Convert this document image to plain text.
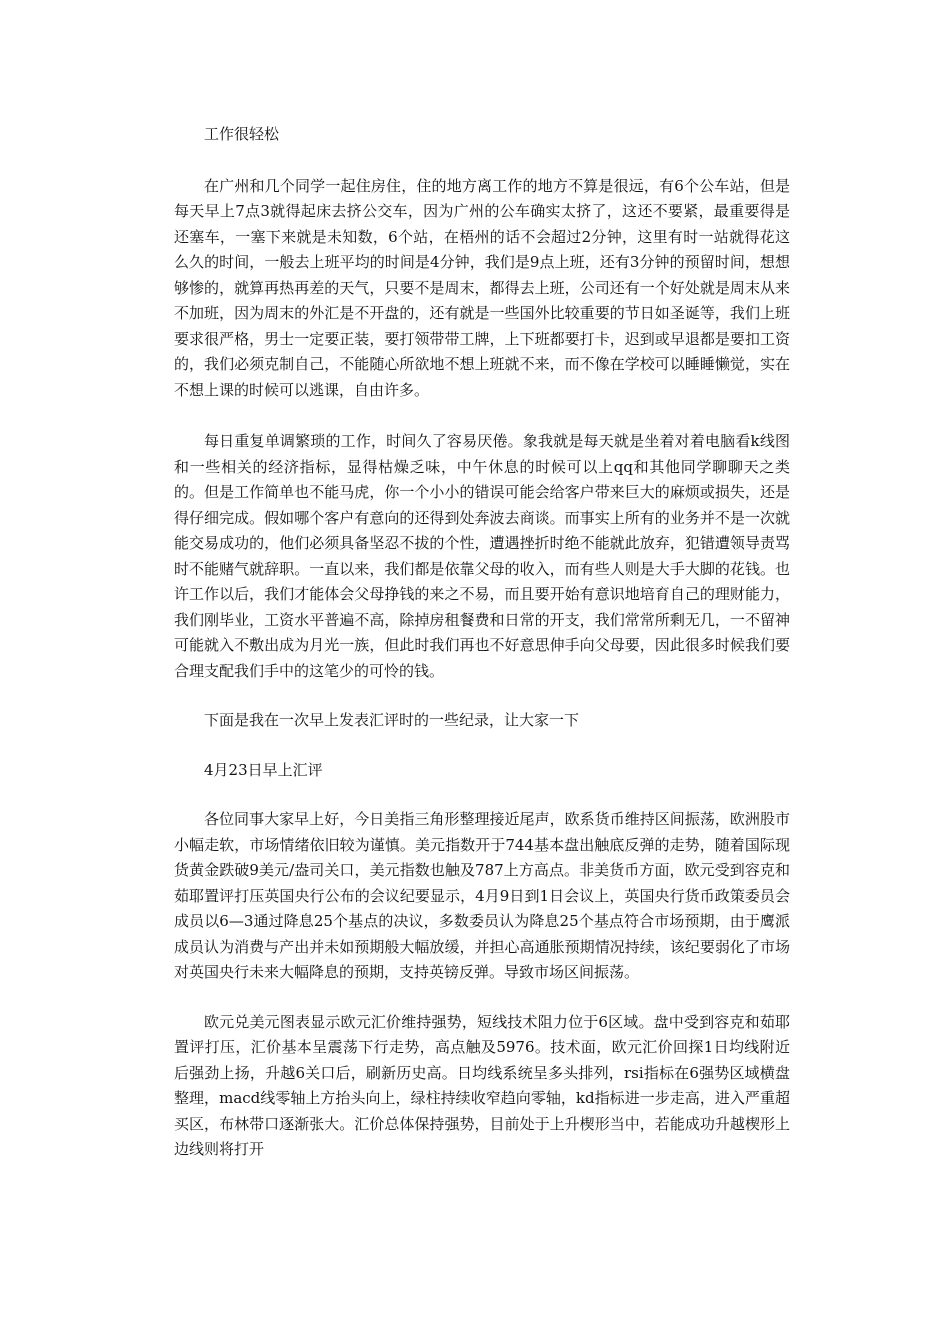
工作很轻松

在广州和几个同学一起住房住，住的地方离工作的地方不算是很远，有6个公车站，但是每天早上7点3就得起床去挤公交车，因为广州的公车确实太挤了，这还不要紧，最重要得是还塞车，一塞下来就是未知数，6个站，在梧州的话不会超过2分钟，这里有时一站就得花这么久的时间，一般去上班平均的时间是4分钟，我们是9点上班，还有3分钟的预留时间，想想够惨的，就算再热再差的天气，只要不是周末，都得去上班，公司还有一个好处就是周末从来不加班，因为周末的外汇是不开盘的，还有就是一些国外比较重要的节日如圣诞等，我们上班要求很严格，男士一定要正装，要打领带带工牌，上下班都要打卡，迟到或早退都是要扣工资的，我们必须克制自己，不能随心所欲地不想上班就不来，而不像在学校可以睡睡懒觉，实在不想上课的时候可以逃课，自由许多。

每日重复单调繁琐的工作，时间久了容易厌倦。象我就是每天就是坐着对着电脑看k线图和一些相关的经济指标，显得枯燥乏味，中午休息的时候可以上qq和其他同学聊聊天之类的。但是工作简单也不能马虎，你一个小小的错误可能会给客户带来巨大的麻烦或损失，还是得仔细完成。假如哪个客户有意向的还得到处奔波去商谈。而事实上所有的业务并不是一次就能交易成功的，他们必须具备坚忍不拔的个性，遭遇挫折时绝不能就此放弃，犯错遭领导责骂时不能赌气就辞职。一直以来，我们都是依靠父母的收入，而有些人则是大手大脚的花钱。也许工作以后，我们才能体会父母挣钱的来之不易，而且要开始有意识地培育自己的理财能力，我们刚毕业，工资水平普遍不高，除掉房租餐费和日常的开支，我们常常所剩无几，一不留神可能就入不敷出成为月光一族，但此时我们再也不好意思伸手向父母要，因此很多时候我们要合理支配我们手中的这笔少的可怜的钱。

下面是我在一次早上发表汇评时的一些纪录，让大家一下

4月23日早上汇评

各位同事大家早上好，今日美指三角形整理接近尾声，欧系货币维持区间振荡，欧洲股市小幅走软，市场情绪依旧较为谨慎。美元指数开于744基本盘出触底反弹的走势，随着国际现货黄金跌破9美元/盎司关口，美元指数也触及787上方高点。非美货币方面，欧元受到容克和茹耶置评打压英国央行公布的会议纪要显示，4月9日到1日会议上，英国央行货币政策委员会成员以6—3通过降息25个基点的决议，多数委员认为降息25个基点符合市场预期，由于鹰派成员认为消费与产出并未如预期般大幅放缓，并担心高通胀预期情况持续，该纪要弱化了市场对英国央行未来大幅降息的预期，支持英镑反弹。导致市场区间振荡。

欧元兑美元图表显示欧元汇价维持强势，短线技术阻力位于6区域。盘中受到容克和茹耶置评打压，汇价基本呈震荡下行走势，高点触及5976。技术面，欧元汇价回探1日均线附近后强劲上扬，升越6关口后，刷新历史高。日均线系统呈多头排列，rsi指标在6强势区域横盘整理，macd线零轴上方抬头向上，绿柱持续收窄趋向零轴，kd指标进一步走高，进入严重超买区，布林带口逐渐张大。汇价总体保持强势，目前处于上升楔形当中，若能成功升越楔形上边线则将打开
